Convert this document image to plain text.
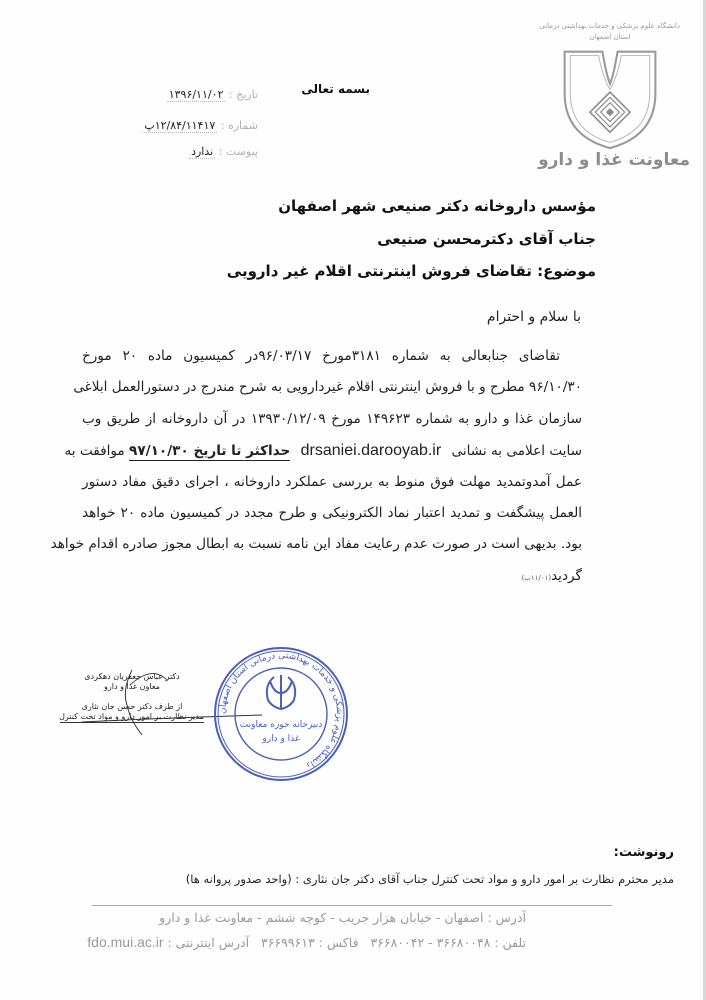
دانشگاه علوم پزشکی و خدمات بهداشتی درمانی
استان اصفهان
معاونت غذا و دارو
بسمه تعالی
تاریخ : ۱۳۹۶/۱۱/۰۲
شماره : ۱۲/۸۴/۱۱۴۱۷پ
پیوست : ندارد
مؤسس داروخانه دکتر صنیعی شهر اصفهان
جناب آقای دکترمحسن صنیعی
موضوع: تقاضای فروش اینترنتی اقلام غیر دارویی
با سلام و احترام
تقاضای جنابعالی به شماره ۳۱۸۱مورخ ۹۶/۰۳/۱۷در کمیسیون ماده ۲۰ مورخ
۹۶/۱۰/۳۰ مطرح و با فروش اینترنتی اقلام غیردارویی به شرح مندرج در دستورالعمل ابلاغی
سازمان غذا و دارو به شماره ۱۴۹۶۲۳ مورخ ۱۳۹۳۰/۱۲/۰۹ در آن داروخانه از طریق وب
سایت اعلامی به نشانی drsaniei.darooyab.ir حداکثر تا تاریخ ۹۷/۱۰/۳۰ موافقت به
عمل آمدوتمدید مهلت فوق منوط به بررسی عملکرد داروخانه ، اجرای دقیق مفاد دستور
العمل پیشگفت و تمدید اعتبار نماد الکترونیکی و طرح مجدد در کمیسیون ماده ۲۰ خواهد
بود. بدیهی است در صورت عدم رعایت مفاد این نامه نسبت به ابطال مجوز صادره اقدام خواهد
گردید(۱۱/۰۱ب)
دکتر عباس جعفریان دهکردی
معاون غذا و دارو
از طرف دکتر حسن جان نثاری
مدیر نظارت بر امور دارو و مواد تحت کنترل
دانشگاه علوم پزشکی و خدمات بهداشتی درمانی استان اصفهان
دبیرخانه حوزه معاونت
غذا و دارو
رونوشت:
مدیر محترم نظارت بر امور دارو و مواد تحت کنترل جناب آقای دکتر جان نثاری : (واحد صدور پروانه ها)
آدرس : اصفهان - خیابان هزار جریب - کوچه ششم - معاونت غذا و دارو
تلفن : ۳۶۶۸۰۰۴۸ - ۳۶۶۸۰۰۴۲   فاکس : ۳۶۶۹۹۶۱۳   آدرس اینترنتی : fdo.mui.ac.ir
